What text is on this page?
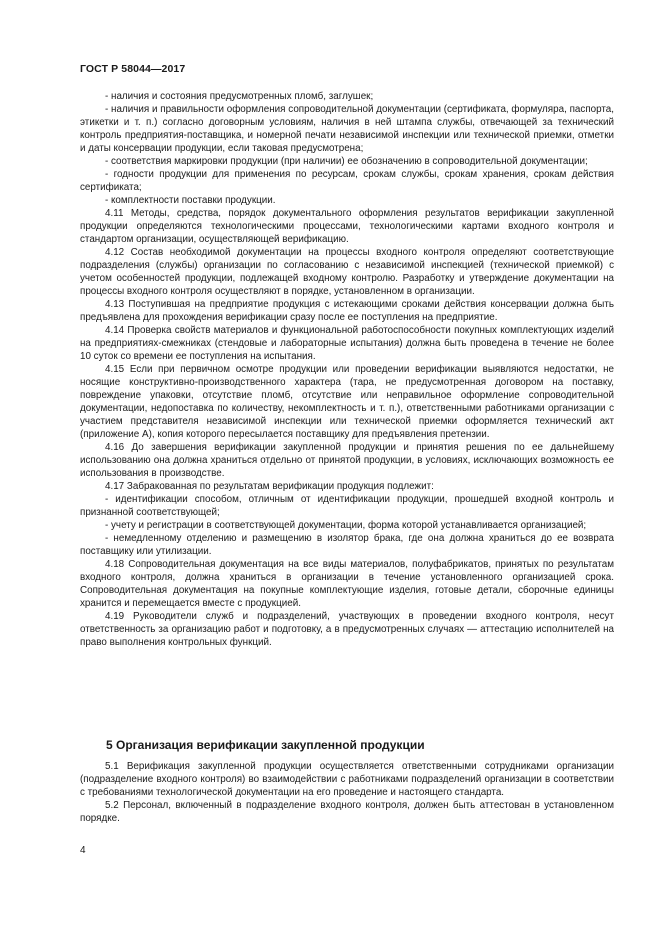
ГОСТ Р 58044—2017

- наличия и состояния предусмотренных пломб, заглушек;

- наличия и правильности оформления сопроводительной документации (сертификата, формуляра, паспорта, этикетки и т. п.) согласно договорным условиям, наличия в ней штампа службы, отвечающей за технический контроль предприятия-поставщика, и номерной печати независимой инспекции или технической приемки, отметки и даты консервации продукции, если таковая предусмотрена;

- соответствия маркировки продукции (при наличии) ее обозначению в сопроводительной документации;

- годности продукции для применения по ресурсам, срокам службы, срокам хранения, срокам действия сертификата;

- комплектности поставки продукции.

4.11 Методы, средства, порядок документального оформления результатов верификации закупленной продукции определяются технологическими процессами, технологическими картами входного контроля и стандартом организации, осуществляющей верификацию.

4.12 Состав необходимой документации на процессы входного контроля определяют соответствующие подразделения (службы) организации по согласованию с независимой инспекцией (технической приемкой) с учетом особенностей продукции, подлежащей входному контролю. Разработку и утверждение документации на процессы входного контроля осуществляют в порядке, установленном в организации.

4.13 Поступившая на предприятие продукция с истекающими сроками действия консервации должна быть предъявлена для прохождения верификации сразу после ее поступления на предприятие.

4.14 Проверка свойств материалов и функциональной работоспособности покупных комплектующих изделий на предприятиях-смежниках (стендовые и лабораторные испытания) должна быть проведена в течение не более 10 суток со времени ее поступления на испытания.

4.15 Если при первичном осмотре продукции или проведении верификации выявляются недостатки, не носящие конструктивно-производственного характера (тара, не предусмотренная договором на поставку, повреждение упаковки, отсутствие пломб, отсутствие или неправильное оформление сопроводительной документации, недопоставка по количеству, некомплектность и т. п.), ответственными работниками организации с участием представителя независимой инспекции или технической приемки оформляется технический акт (приложение А), копия которого пересылается поставщику для предъявления претензии.

4.16 До завершения верификации закупленной продукции и принятия решения по ее дальнейшему использованию она должна храниться отдельно от принятой продукции, в условиях, исключающих возможность ее использования в производстве.

4.17 Забракованная по результатам верификации продукция подлежит:

- идентификации способом, отличным от идентификации продукции, прошедшей входной контроль и признанной соответствующей;

- учету и регистрации в соответствующей документации, форма которой устанавливается организацией;

- немедленному отделению и размещению в изолятор брака, где она должна храниться до ее возврата поставщику или утилизации.

4.18 Сопроводительная документация на все виды материалов, полуфабрикатов, принятых по результатам входного контроля, должна храниться в организации в течение установленного организацией срока. Сопроводительная документация на покупные комплектующие изделия, готовые детали, сборочные единицы хранится и перемещается вместе с продукцией.

4.19 Руководители служб и подразделений, участвующих в проведении входного контроля, несут ответственность за организацию работ и подготовку, а в предусмотренных случаях — аттестацию исполнителей на право выполнения контрольных функций.

5 Организация верификации закупленной продукции

5.1 Верификация закупленной продукции осуществляется ответственными сотрудниками организации (подразделение входного контроля) во взаимодействии с работниками подразделений организации в соответствии с требованиями технологической документации на его проведение и настоящего стандарта.

5.2 Персонал, включенный в подразделение входного контроля, должен быть аттестован в установленном порядке.

4
